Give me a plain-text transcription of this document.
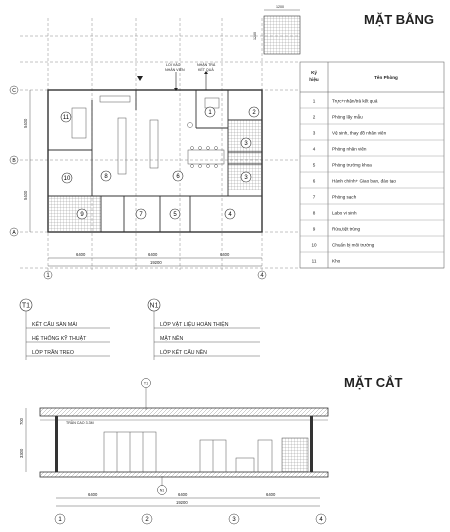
MẶT BẰNG
MẶT CẮT
1200
1200
LỐI VÀO
NHÂN VIÊN
NHẬN TRẢ
KẾT QUẢ
1	2
3
3
4
5
6
7
8
9
10
11
C
B
A
5400
5400
6400	6400	6400
19200
1	4
Ký
hiệu	Tên Phòng
1	Trực+nhận/trả kết quả
2	Phòng lấy mẫu
3	Vệ sinh, thay đồ nhân viên
4	Phòng nhân viên
5	Phòng trưởng khoa
6	Hành chính+ Giao ban, đào tạo
7	Phòng sạch
8	Labo vi sinh
9	Rửa,tiệt trùng
10	Chuẩn bị môi trường
11	Kho
T1
KẾT CẤU SÀN MÁI
HỆ THỐNG KỸ THUẬT
LỚP TRẦN TREO
N1
LỚP VẬT LIỆU HOÀN THIỆN
MẶT NỀN
LỚP KẾT CẤU NỀN
TRẦN CAO 3.3M
T1
N1
700
3300
6400	6400	6400
19200
1	2	3	4
